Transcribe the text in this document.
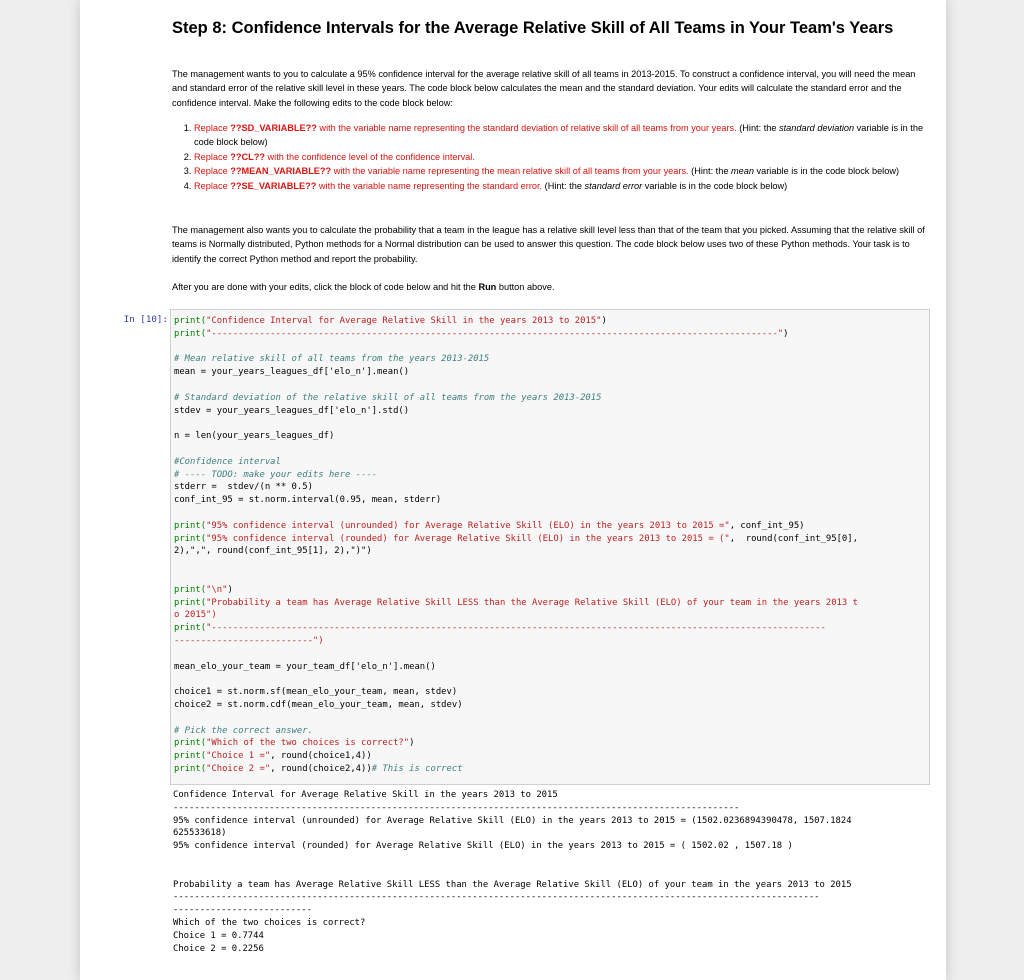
Step 8: Confidence Intervals for the Average Relative Skill of All Teams in Your Team's Years

The management wants to you to calculate a 95% confidence interval for the average relative skill of all teams in 2013-2015. To construct a confidence interval, you will need the mean and standard error of the relative skill level in these years. The code block below calculates the mean and the standard deviation. Your edits will calculate the standard error and the confidence interval. Make the following edits to the code block below:

1. Replace ??SD_VARIABLE?? with the variable name representing the standard deviation of relative skill of all teams from your years. (Hint: the standard deviation variable is in the code block below)
2. Replace ??CL?? with the confidence level of the confidence interval.
3. Replace ??MEAN_VARIABLE?? with the variable name representing the mean relative skill of all teams from your years. (Hint: the mean variable is in the code block below)
4. Replace ??SE_VARIABLE?? with the variable name representing the standard error. (Hint: the standard error variable is in the code block below)

The management also wants you to calculate the probability that a team in the league has a relative skill level less than that of the team that you picked. Assuming that the relative skill of teams is Normally distributed, Python methods for a Normal distribution can be used to answer this question. The code block below uses two of these Python methods. Your task is to identify the correct Python method and report the probability.

After you are done with your edits, click the block of code below and hit the Run button above.

In [10]: print("Confidence Interval for Average Relative Skill in the years 2013 to 2015")
print("----------------------------------------------------------------------------------------------------------")

# Mean relative skill of all teams from the years 2013-2015
mean = your_years_leagues_df['elo_n'].mean()

# Standard deviation of the relative skill of all teams from the years 2013-2015
stdev = your_years_leagues_df['elo_n'].std()

n = len(your_years_leagues_df)

#Confidence interval
# ---- TODO: make your edits here ----
stderr =  stdev/(n ** 0.5)
conf_int_95 = st.norm.interval(0.95, mean, stderr)

print("95% confidence interval (unrounded) for Average Relative Skill (ELO) in the years 2013 to 2015 =", conf_int_95)
print("95% confidence interval (rounded) for Average Relative Skill (ELO) in the years 2013 to 2015 = (",  round(conf_int_95[0],
2),",", round(conf_int_95[1], 2),")")

print("\n")
print("Probability a team has Average Relative Skill LESS than the Average Relative Skill (ELO) of your team in the years 2013 t
o 2015")
print("-------------------------------------------------------------------------------------------------------------------
--------------------------")

mean_elo_your_team = your_team_df['elo_n'].mean()

choice1 = st.norm.sf(mean_elo_your_team, mean, stdev)
choice2 = st.norm.cdf(mean_elo_your_team, mean, stdev)

# Pick the correct answer.
print("Which of the two choices is correct?")
print("Choice 1 =", round(choice1,4))
print("Choice 2 =", round(choice2,4))# This is correct
Confidence Interval for Average Relative Skill in the years 2013 to 2015
----------------------------------------------------------------------------------------------------------
95% confidence interval (unrounded) for Average Relative Skill (ELO) in the years 2013 to 2015 = (1502.0236894390478, 1507.1824
625533618)
95% confidence interval (rounded) for Average Relative Skill (ELO) in the years 2013 to 2015 = ( 1502.02 , 1507.18 )

Probability a team has Average Relative Skill LESS than the Average Relative Skill (ELO) of your team in the years 2013 to 2015
-------------------------------------------------------------------------------------------------------------------------
--------------------------
Which of the two choices is correct?
Choice 1 = 0.7744
Choice 2 = 0.2256
